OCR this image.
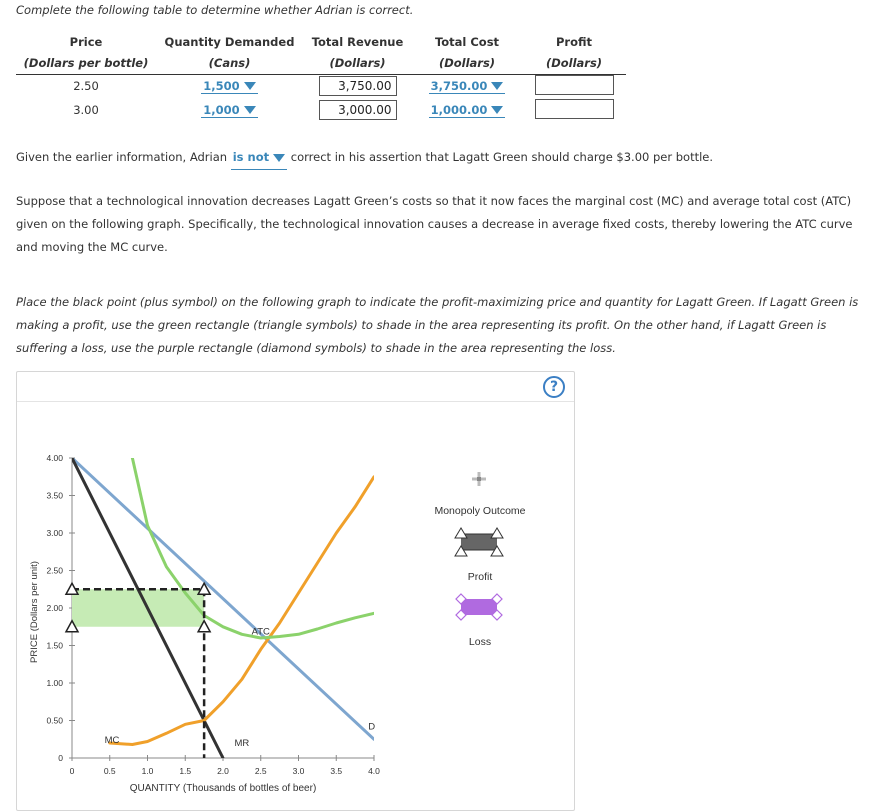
Complete the following table to determine whether Adrian is correct.
Price	Quantity Demanded	Total Revenue	Total Cost	Profit
(Dollars per bottle)	(Cans)	(Dollars)	(Dollars)	(Dollars)
2.50	1,500	3,750.00	3,750.00	

3.00	1,000	3,000.00	1,000.00	

Given the earlier information, Adrian is not correct in his assertion that Lagatt Green should charge $3.00 per bottle.
Suppose that a technological innovation decreases Lagatt Green’s costs so that it now faces the marginal cost (MC) and average total cost (ATC) given on the following graph. Specifically, the technological innovation causes a decrease in average fixed costs, thereby lowering the ATC curve and moving the MC curve.
Place the black point (plus symbol) on the following graph to indicate the profit-maximizing price and quantity for Lagatt Green. If Lagatt Green is making a profit, use the green rectangle (triangle symbols) to shade in the area representing its profit. On the other hand, if Lagatt Green is suffering a loss, use the purple rectangle (diamond symbols) to shade in the area representing the loss.
?
PRICE (Dollars per unit)
QUANTITY (Thousands of bottles of beer)
0
0.50
1.00
1.50
2.00
2.50
3.00
3.50
4.00
0	0.5	1.0	1.5	2.0	2.5	3.0	3.5	4.0
D
MR
MC
ATC
Monopoly Outcome
Profit
Loss
